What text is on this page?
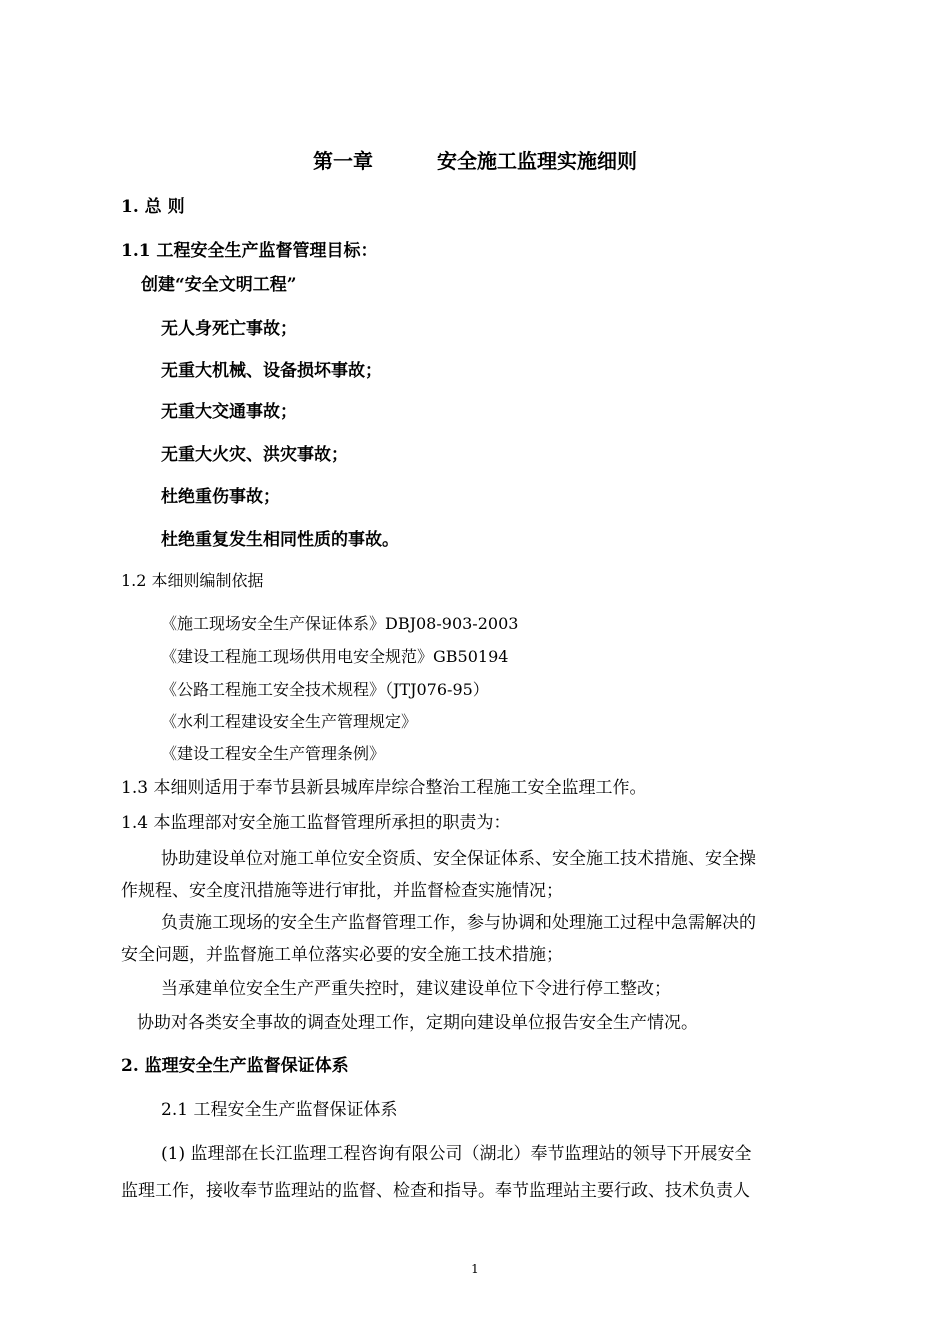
第一章	安全施工监理实施细则
1. 总 则
1.1 工程安全生产监督管理目标：
创建“安全文明工程”
无人身死亡事故；
无重大机械、设备损坏事故；
无重大交通事故；
无重大火灾、洪灾事故；
杜绝重伤事故；
杜绝重复发生相同性质的事故。
1.2 本细则编制依据
《施工现场安全生产保证体系》DBJ08-903-2003
《建设工程施工现场供用电安全规范》GB50194
《公路工程施工安全技术规程》（JTJ076-95）
《水利工程建设安全生产管理规定》
《建设工程安全生产管理条例》
1.3 本细则适用于奉节县新县城库岸综合整治工程施工安全监理工作。
1.4 本监理部对安全施工监督管理所承担的职责为：
协助建设单位对施工单位安全资质、安全保证体系、安全施工技术措施、安全操
作规程、安全度汛措施等进行审批，并监督检查实施情况；
负责施工现场的安全生产监督管理工作，参与协调和处理施工过程中急需解决的
安全问题，并监督施工单位落实必要的安全施工技术措施；
当承建单位安全生产严重失控时，建议建设单位下令进行停工整改；
协助对各类安全事故的调查处理工作，定期向建设单位报告安全生产情况。
2. 监理安全生产监督保证体系
2.1 工程安全生产监督保证体系
(1) 监理部在长江监理工程咨询有限公司（湖北）奉节监理站的领导下开展安全
监理工作，接收奉节监理站的监督、检查和指导。奉节监理站主要行政、技术负责人
1
